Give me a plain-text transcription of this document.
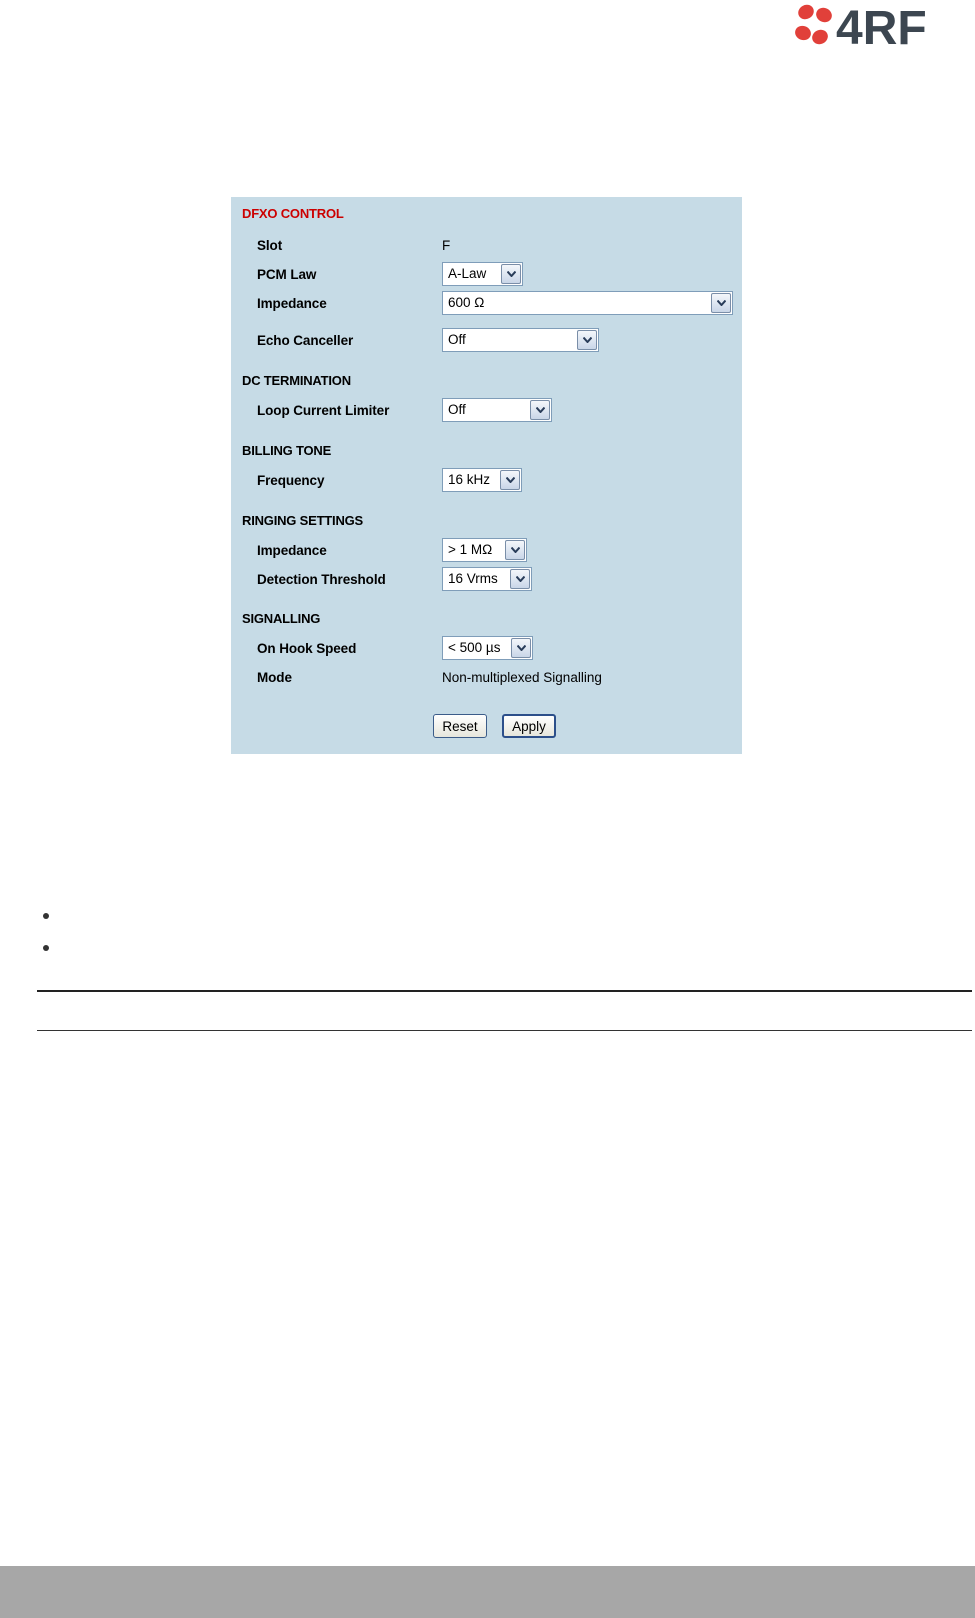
4RF
DFXO CONTROL
Slot	F
PCM Law	A-Law
Impedance	600 Ω
Echo Canceller	Off
DC TERMINATION
Loop Current Limiter	Off
BILLING TONE
Frequency	16 kHz
RINGING SETTINGS
Impedance	> 1 MΩ
Detection Threshold	16 Vrms
SIGNALLING
On Hook Speed	< 500 µs
Mode	Non-multiplexed Signalling
Reset	Apply
